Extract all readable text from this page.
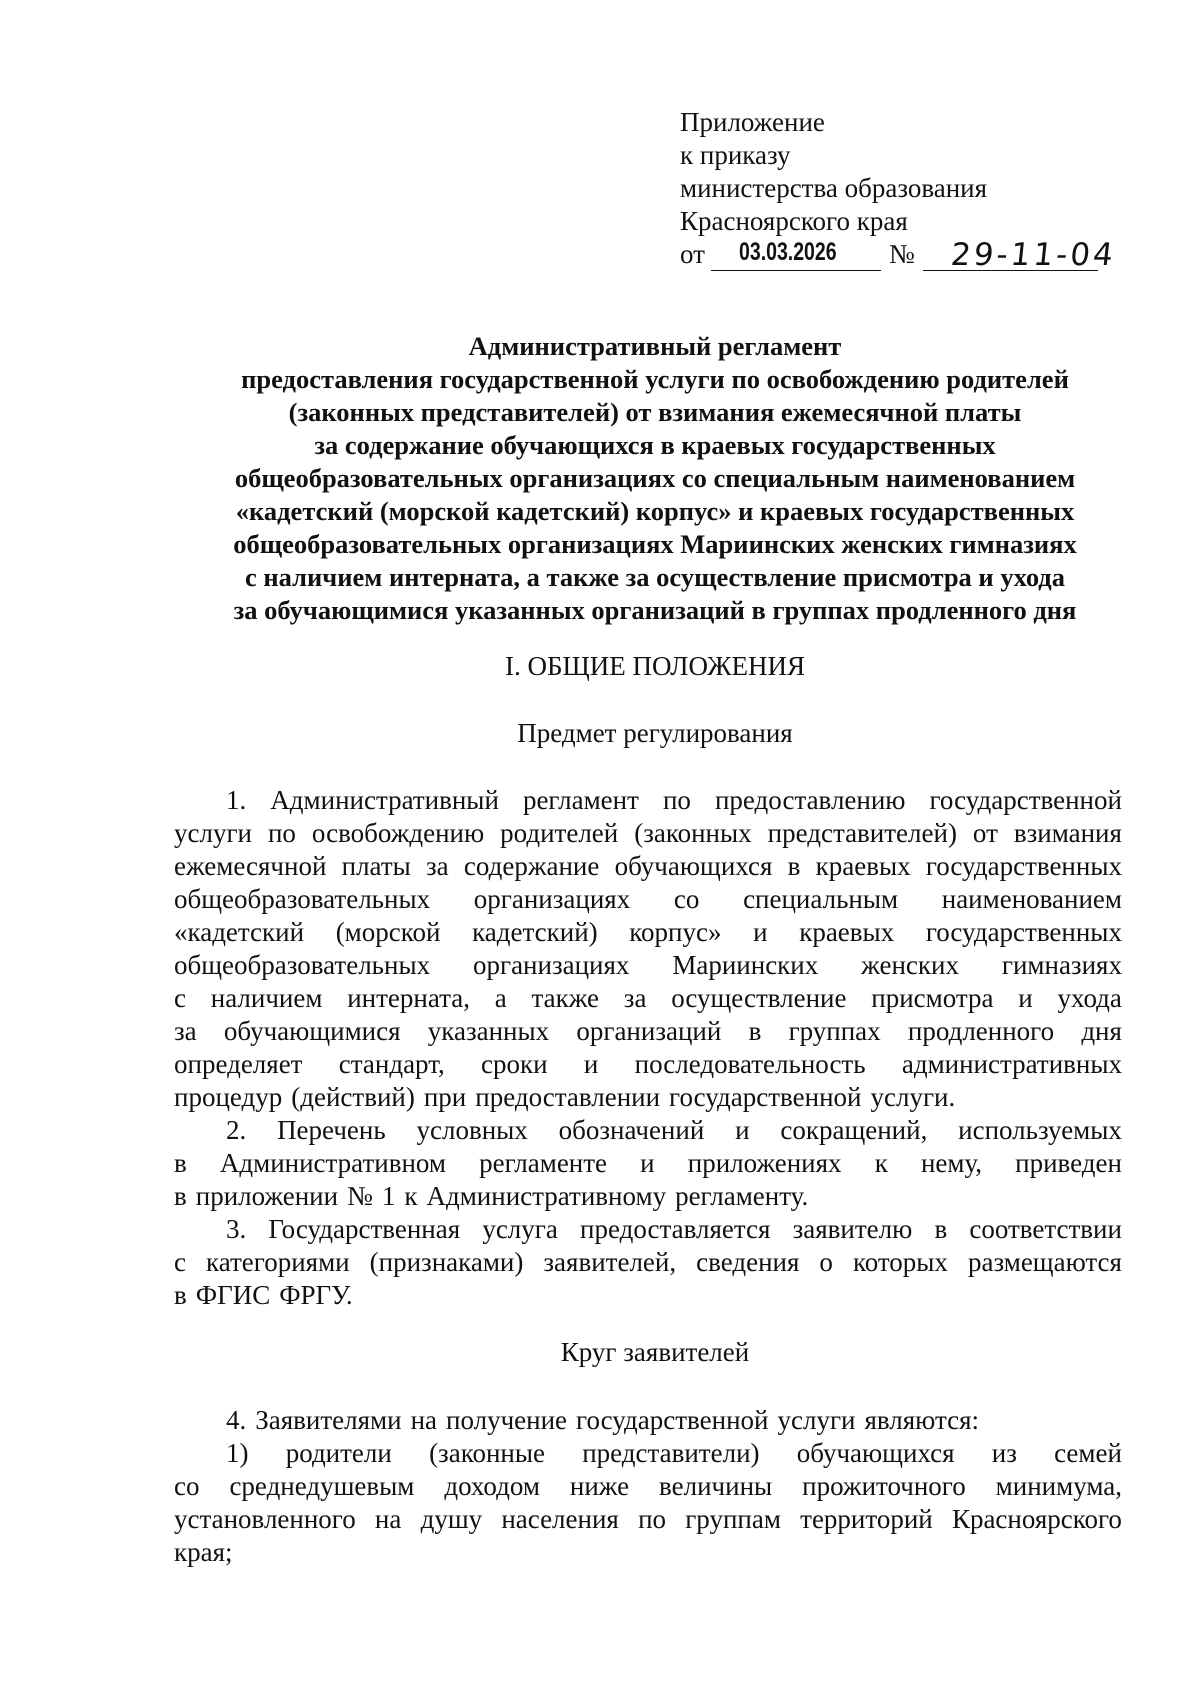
Приложение
к приказу
министерства образования
Красноярского края
от 03.03.2026 № 29-11-04
Административный регламент
предоставления государственной услуги по освобождению родителей
(законных представителей) от взимания ежемесячной платы
за содержание обучающихся в краевых государственных
общеобразовательных организациях со специальным наименованием
«кадетский (морской кадетский) корпус» и краевых государственных
общеобразовательных организациях Мариинских женских гимназиях
с наличием интерната, а также за осуществление присмотра и ухода
за обучающимися указанных организаций в группах продленного дня
I. ОБЩИЕ ПОЛОЖЕНИЯ
Предмет регулирования
1. Административный регламент по предоставлению государственной
услуги по освобождению родителей (законных представителей) от взимания
ежемесячной платы за содержание обучающихся в краевых государственных
общеобразовательных организациях со специальным наименованием
«кадетский (морской кадетский) корпус» и краевых государственных
общеобразовательных организациях Мариинских женских гимназиях
с наличием интерната, а также за осуществление присмотра и ухода
за обучающимися указанных организаций в группах продленного дня
определяет стандарт, сроки и последовательность административных
процедур (действий) при предоставлении государственной услуги.
2. Перечень условных обозначений и сокращений, используемых
в Административном регламенте и приложениях к нему, приведен
в приложении № 1 к Административному регламенту.
3. Государственная услуга предоставляется заявителю в соответствии
с категориями (признаками) заявителей, сведения о которых размещаются
в ФГИС ФРГУ.
Круг заявителей
4. Заявителями на получение государственной услуги являются:
1) родители (законные представители) обучающихся из семей
со среднедушевым доходом ниже величины прожиточного минимума,
установленного на душу населения по группам территорий Красноярского
края;
